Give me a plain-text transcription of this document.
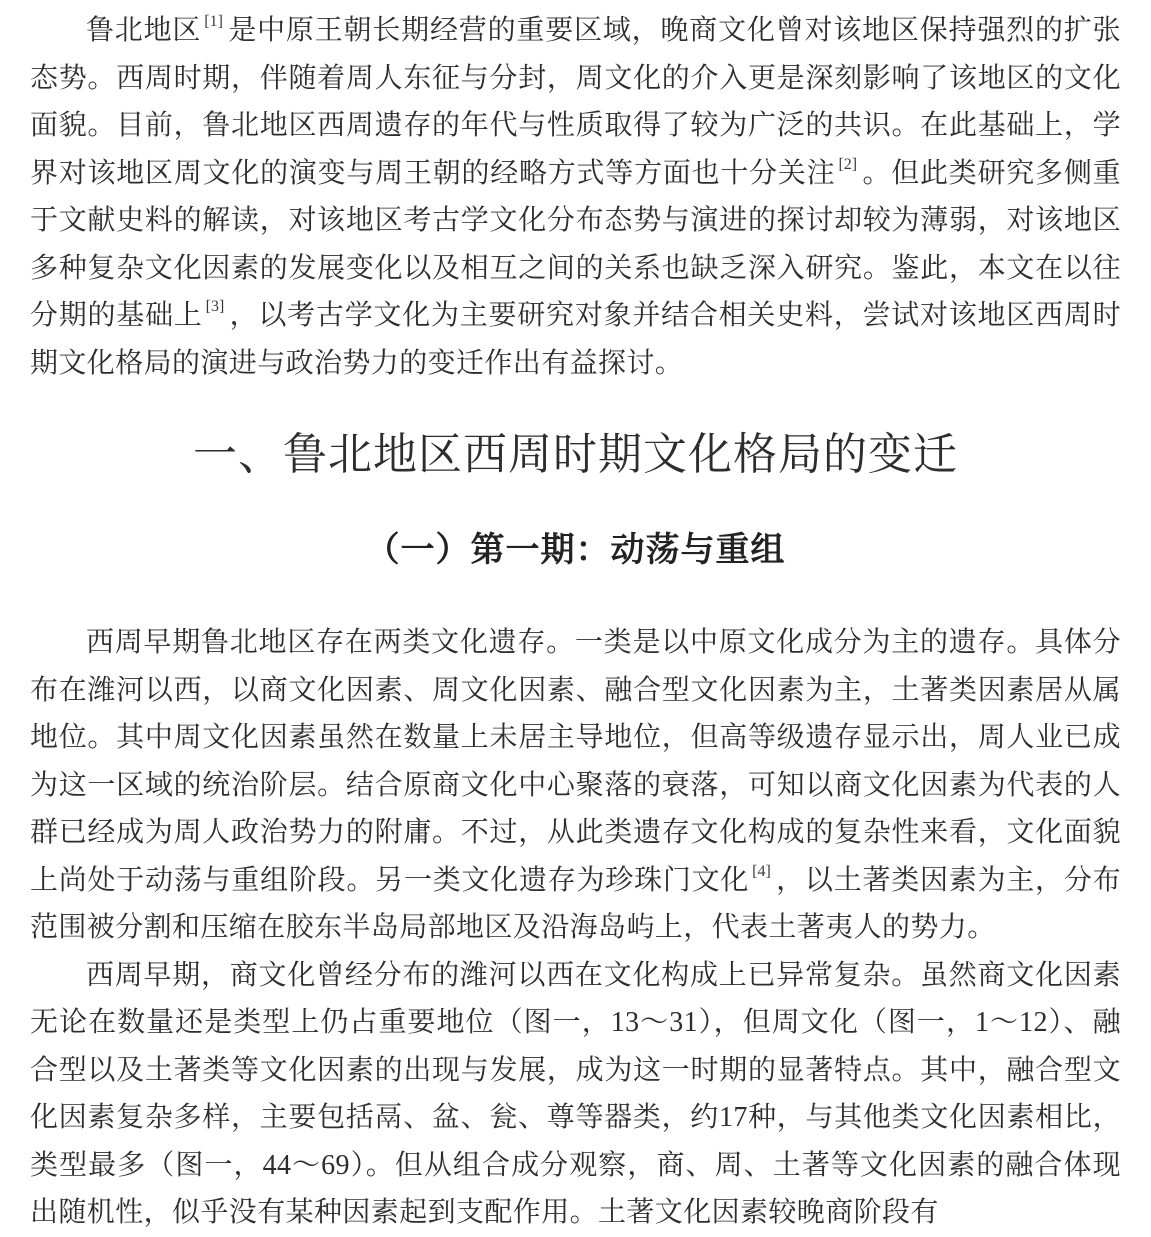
鲁北地区 [1] 是中原王朝长期经营的重要区域，晚商文化曾对该地区保持强烈的扩张态势。西周时期，伴随着周人东征与分封，周文化的介入更是深刻影响了该地区的文化面貌。目前，鲁北地区西周遗存的年代与性质取得了较为广泛的共识。在此基础上，学界对该地区周文化的演变与周王朝的经略方式等方面也十分关注 [2] 。但此类研究多侧重于文献史料的解读，对该地区考古学文化分布态势与演进的探讨却较为薄弱，对该地区多种复杂文化因素的发展变化以及相互之间的关系也缺乏深入研究。鉴此，本文在以往分期的基础上 [3] ，以考古学文化为主要研究对象并结合相关史料，尝试对该地区西周时期文化格局的演进与政治势力的变迁作出有益探讨。

一、鲁北地区西周时期文化格局的变迁
（一）第一期：动荡与重组

西周早期鲁北地区存在两类文化遗存。一类是以中原文化成分为主的遗存。具体分布在潍河以西，以商文化因素、周文化因素、融合型文化因素为主，土著类因素居从属地位。其中周文化因素虽然在数量上未居主导地位，但高等级遗存显示出，周人业已成为这一区域的统治阶层。结合原商文化中心聚落的衰落，可知以商文化因素为代表的人群已经成为周人政治势力的附庸。不过，从此类遗存文化构成的复杂性来看，文化面貌上尚处于动荡与重组阶段。另一类文化遗存为珍珠门文化 [4] ，以土著类因素为主，分布范围被分割和压缩在胶东半岛局部地区及沿海岛屿上，代表土著夷人的势力。

西周早期，商文化曾经分布的潍河以西在文化构成上已异常复杂。虽然商文化因素无论在数量还是类型上仍占重要地位（图一，13～31），但周文化（图一，1～12）、融合型以及土著类等文化因素的出现与发展，成为这一时期的显著特点。其中，融合型文化因素复杂多样，主要包括鬲、盆、瓮、尊等器类，约17种，与其他类文化因素相比，类型最多（图一，44～69）。但从组合成分观察，商、周、土著等文化因素的融合体现出随机性，似乎没有某种因素起到支配作用。土著文化因素较晚商阶段有
